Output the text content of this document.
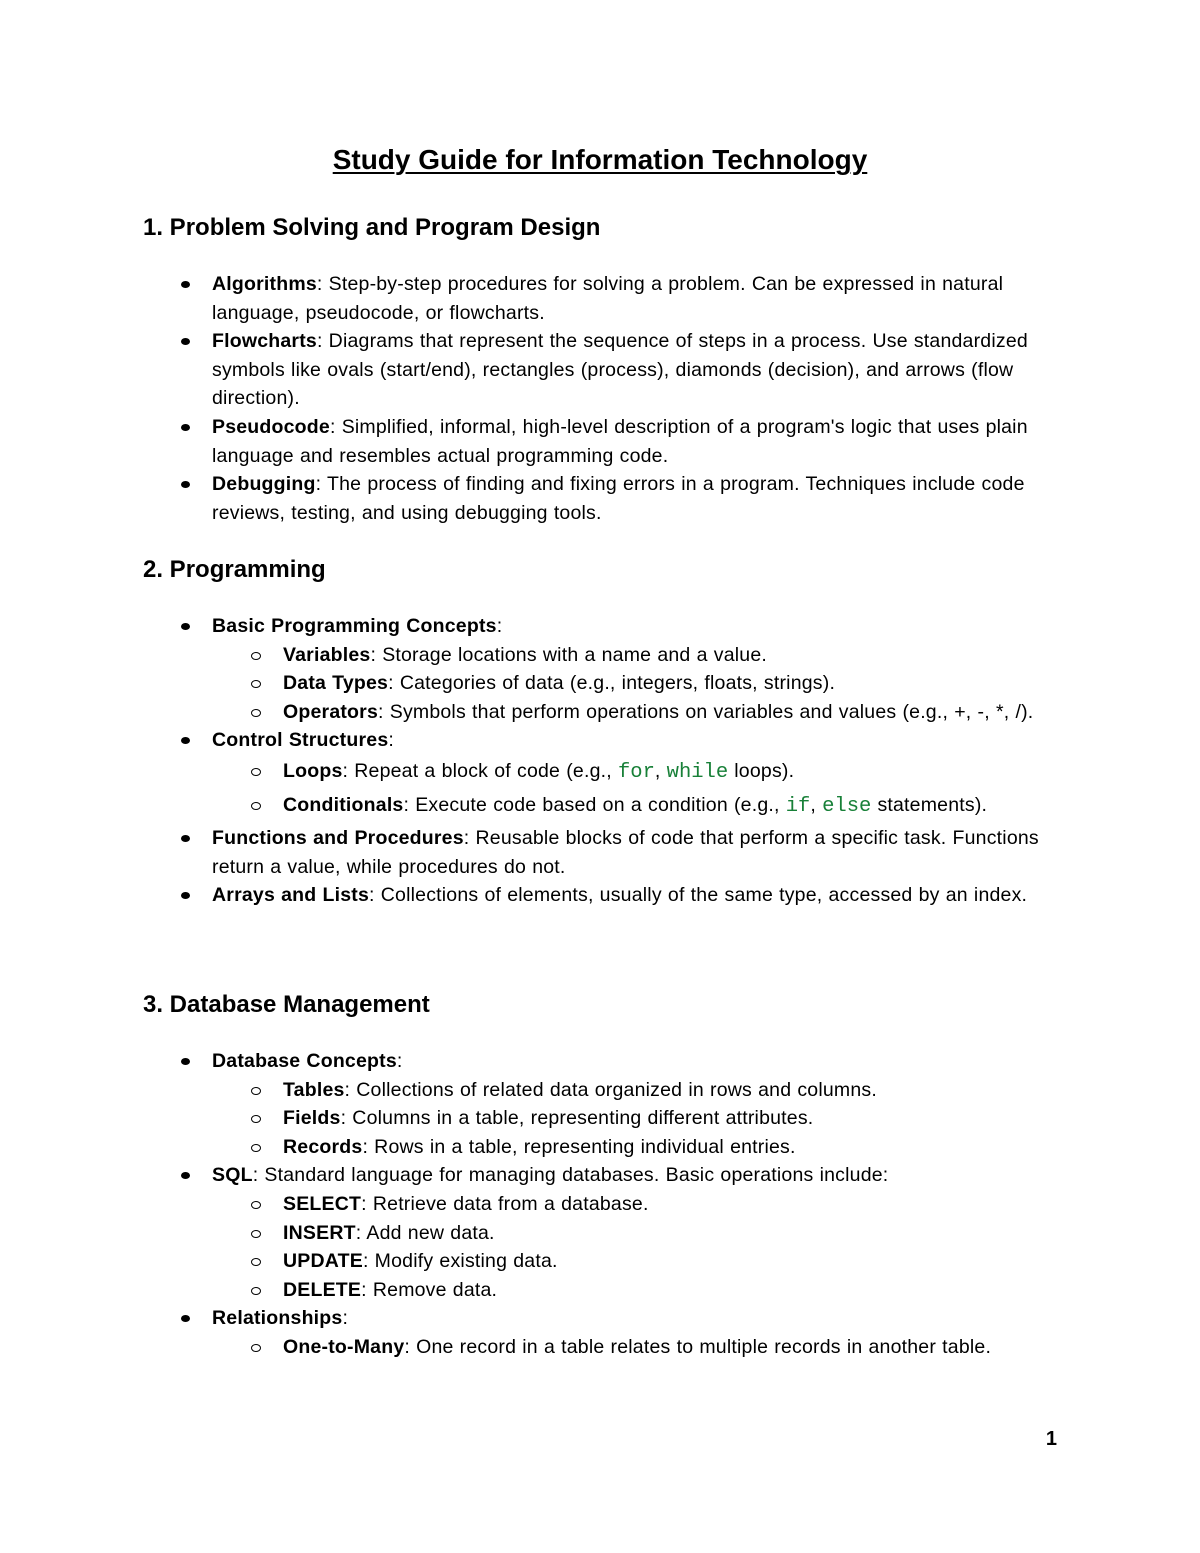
Study Guide for Information Technology
1. Problem Solving and Program Design
Algorithms: Step-by-step procedures for solving a problem. Can be expressed in natural language, pseudocode, or flowcharts.
Flowcharts: Diagrams that represent the sequence of steps in a process. Use standardized symbols like ovals (start/end), rectangles (process), diamonds (decision), and arrows (flow direction).
Pseudocode: Simplified, informal, high-level description of a program's logic that uses plain language and resembles actual programming code.
Debugging: The process of finding and fixing errors in a program. Techniques include code reviews, testing, and using debugging tools.
2. Programming
Basic Programming Concepts:
Variables: Storage locations with a name and a value.
Data Types: Categories of data (e.g., integers, floats, strings).
Operators: Symbols that perform operations on variables and values (e.g., +, -, *, /).
Control Structures:
Loops: Repeat a block of code (e.g., for, while loops).
Conditionals: Execute code based on a condition (e.g., if, else statements).
Functions and Procedures: Reusable blocks of code that perform a specific task. Functions return a value, while procedures do not.
Arrays and Lists: Collections of elements, usually of the same type, accessed by an index.
3. Database Management
Database Concepts:
Tables: Collections of related data organized in rows and columns.
Fields: Columns in a table, representing different attributes.
Records: Rows in a table, representing individual entries.
SQL: Standard language for managing databases. Basic operations include:
SELECT: Retrieve data from a database.
INSERT: Add new data.
UPDATE: Modify existing data.
DELETE: Remove data.
Relationships:
One-to-Many: One record in a table relates to multiple records in another table.
1
